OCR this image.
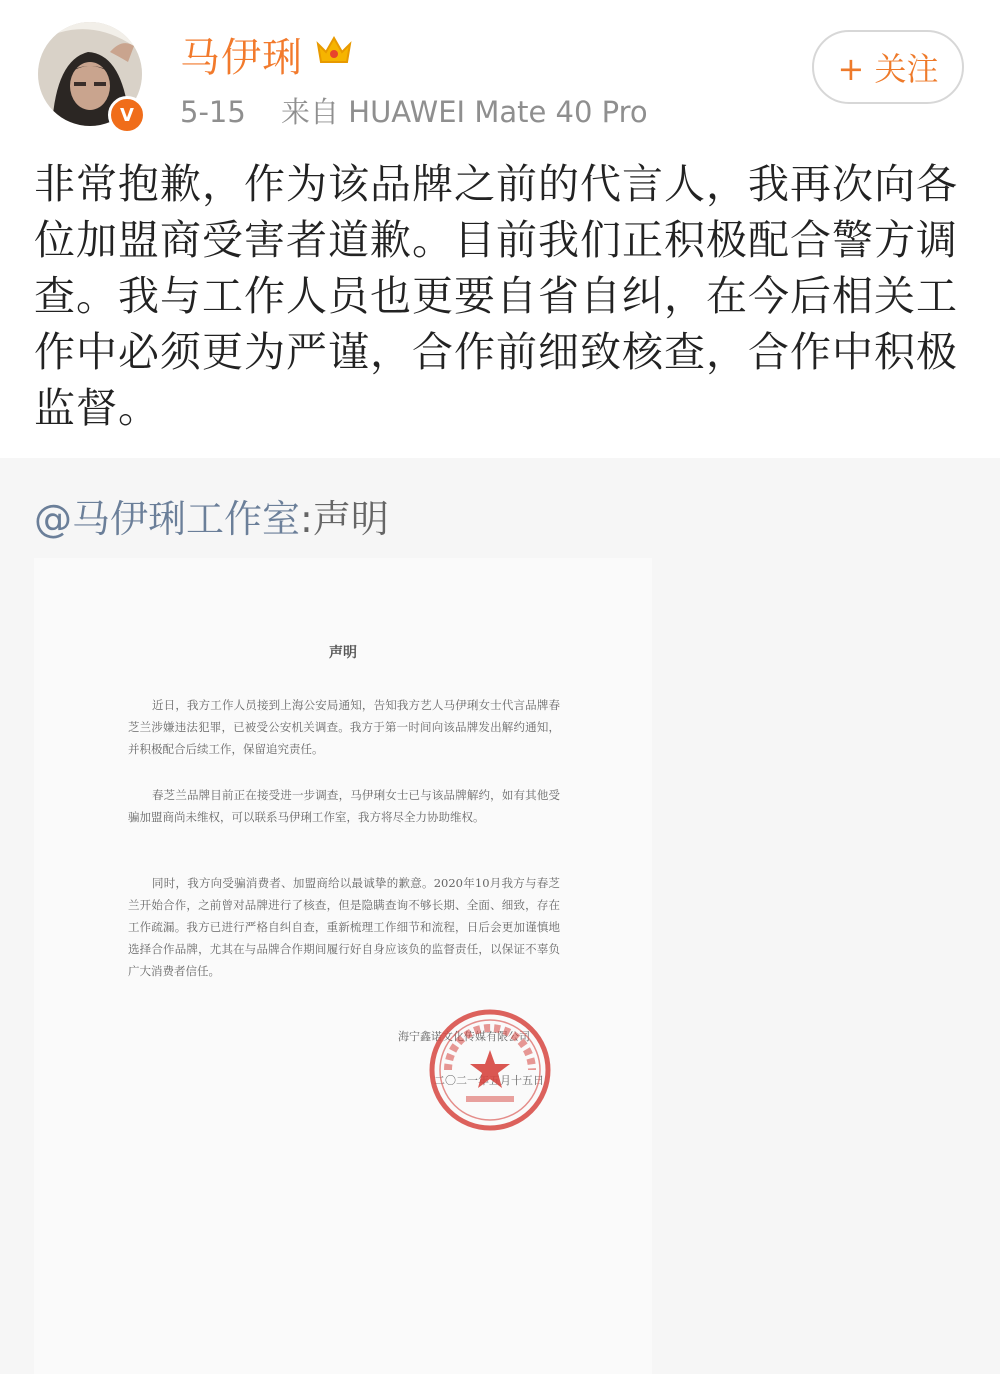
V
马伊琍
5-15 来自 HUAWEI Mate 40 Pro
+ 关注
非常抱歉，作为该品牌之前的代言人，我再次向各
位加盟商受害者道歉。目前我们正积极配合警方调
查。我与工作人员也更要自省自纠，在今后相关工
作中必须更为严谨，合作前细致核查，合作中积极
监督。
@马伊琍工作室:声明
声明
近日，我方工作人员接到上海公安局通知，告知我方艺人马伊琍女士代言品牌春芝兰涉嫌违法犯罪，已被受公安机关调查。我方于第一时间向该品牌发出解约通知，并积极配合后续工作，保留追究责任。
春芝兰品牌目前正在接受进一步调查，马伊琍女士已与该品牌解约，如有其他受骗加盟商尚未维权，可以联系马伊琍工作室，我方将尽全力协助维权。
同时，我方向受骗消费者、加盟商给以最诚挚的歉意。2020年10月我方与春芝兰开始合作，之前曾对品牌进行了核查，但是隐瞒查询不够长期、全面、细致，存在工作疏漏。我方已进行严格自纠自查，重新梳理工作细节和流程，日后会更加谨慎地选择合作品牌，尤其在与品牌合作期间履行好自身应该负的监督责任，以保证不辜负广大消费者信任。
海宁鑫诺文化传媒有限公司
二〇二一年五月十五日
